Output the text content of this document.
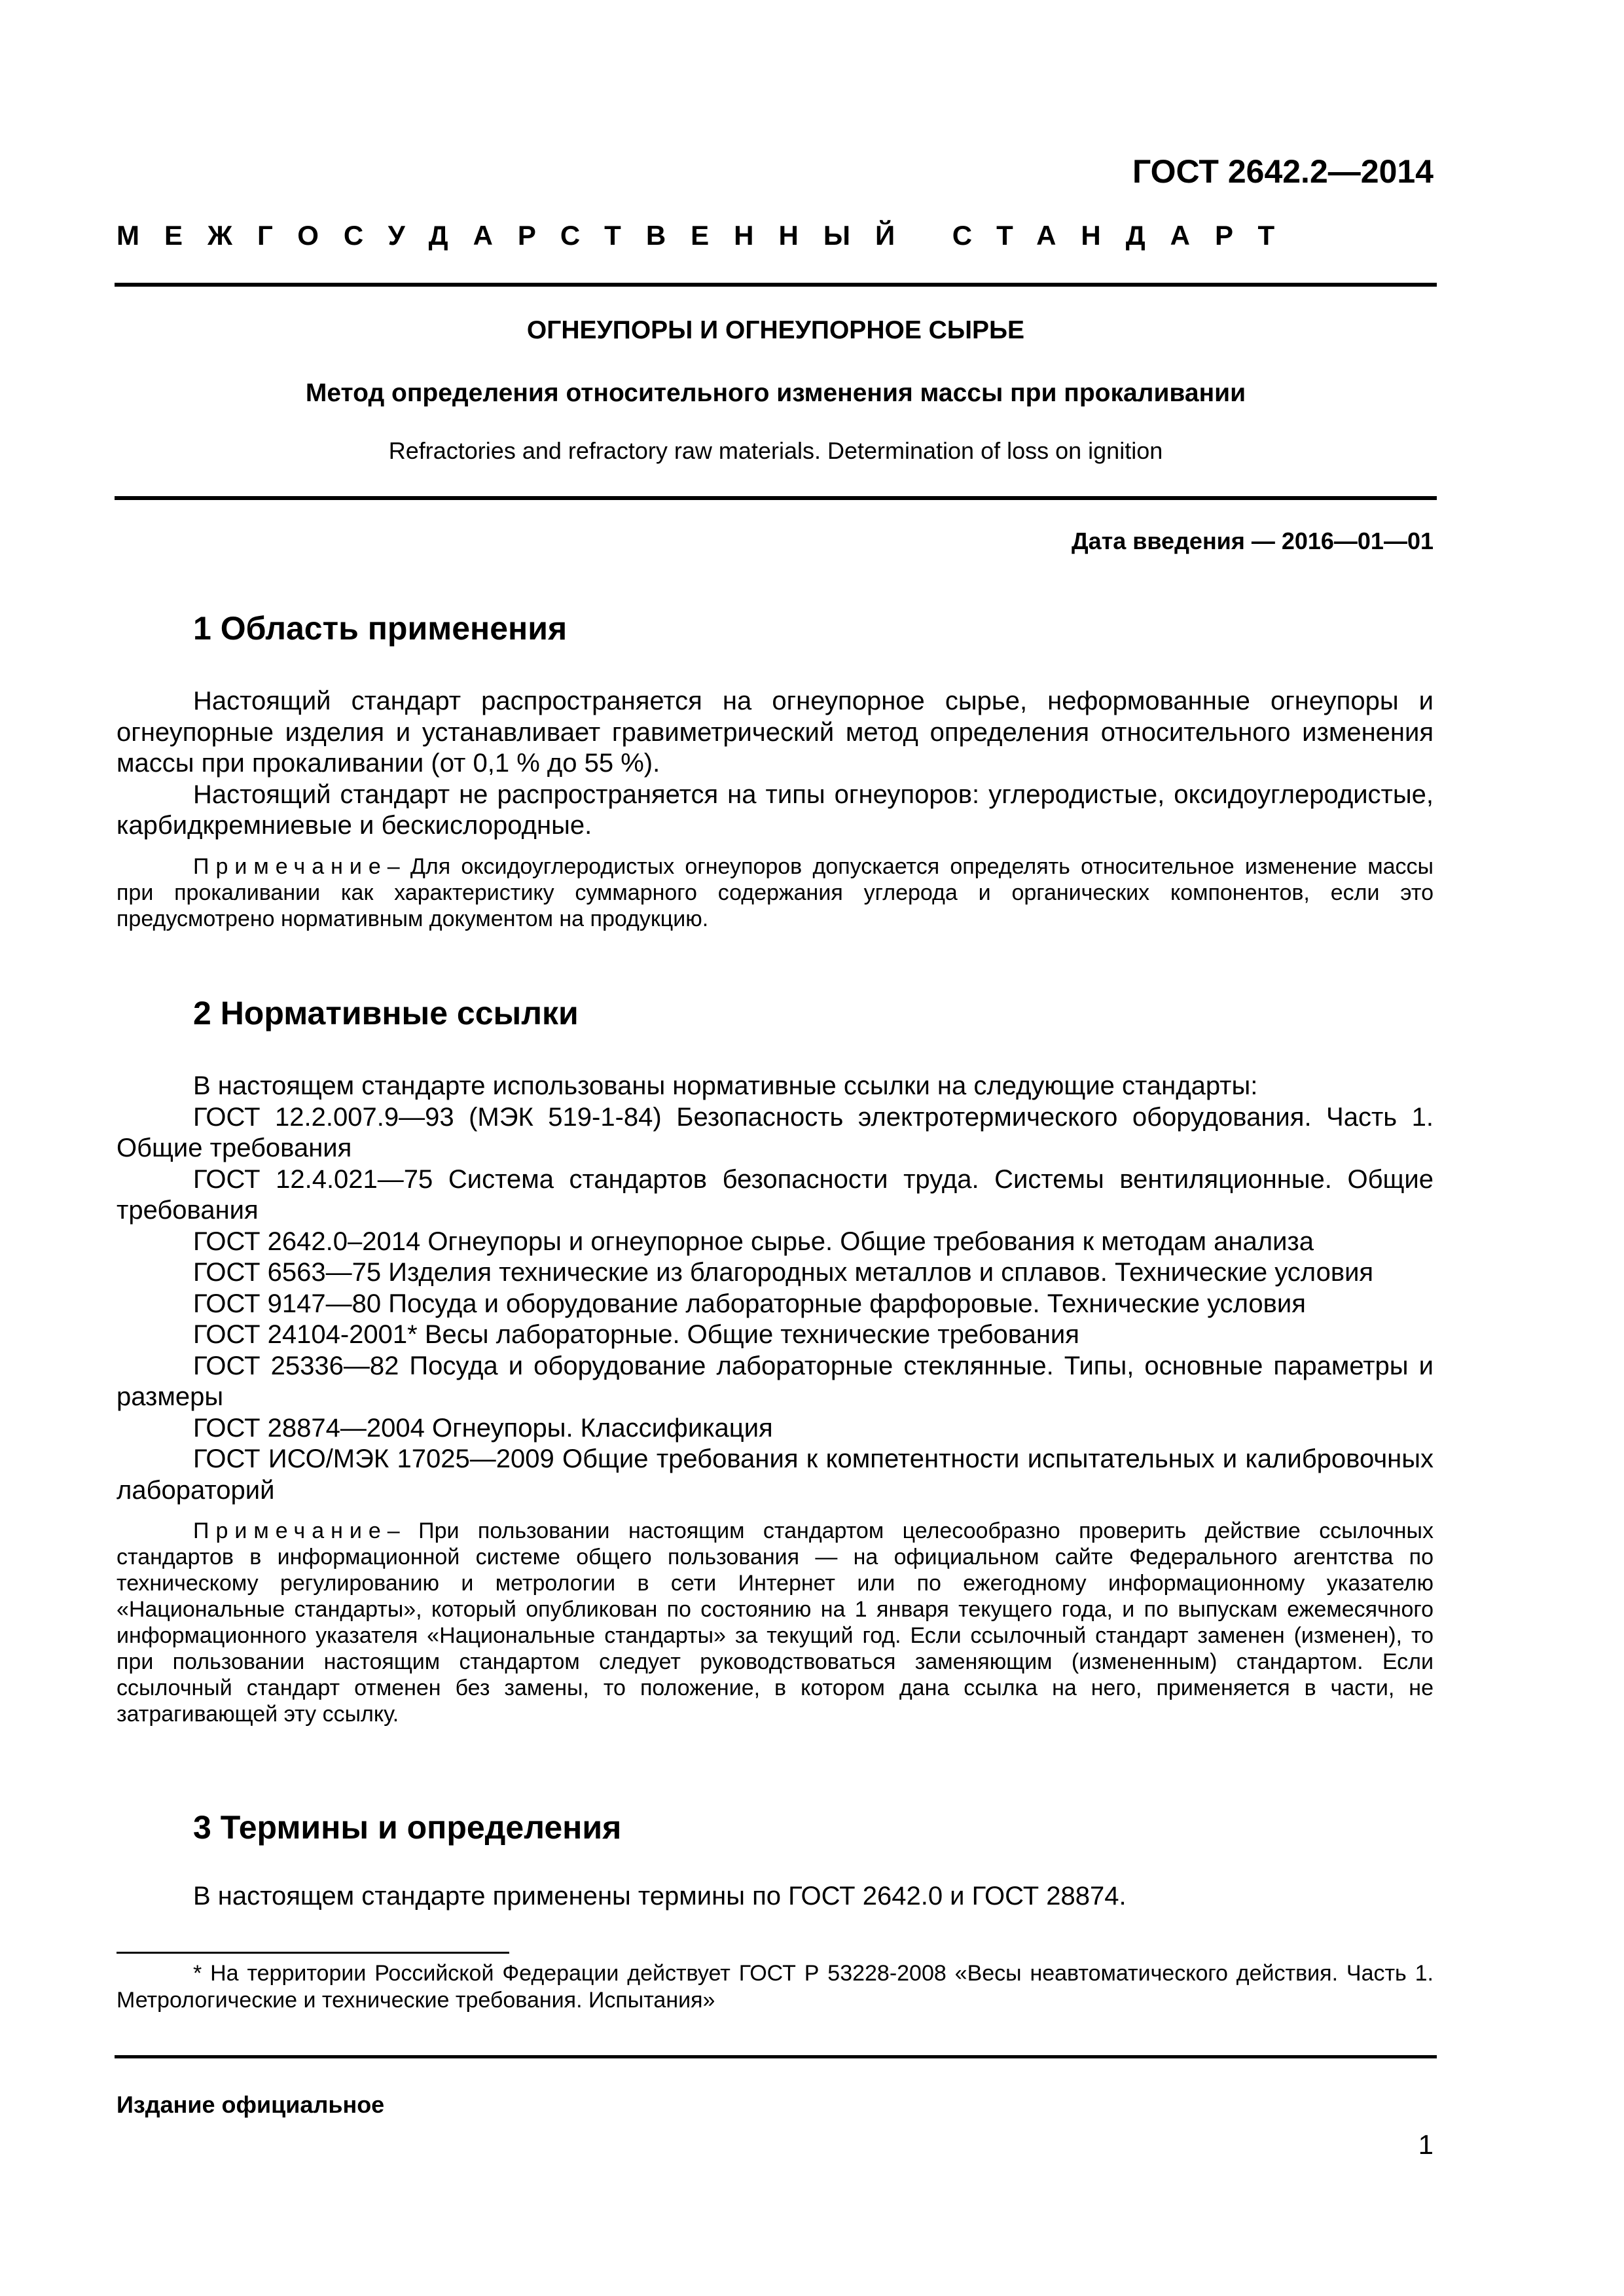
ГОСТ 2642.2—2014
МЕЖГОСУДАРСТВЕННЫЙ СТАНДАРТ
ОГНЕУПОРЫ И ОГНЕУПОРНОЕ СЫРЬЕ
Метод определения относительного изменения массы при прокаливании
Refractories and refractory raw materials. Determination of loss on ignition
Дата введения — 2016—01—01
1 Область применения

Настоящий стандарт распространяется на огнеупорное сырье, неформованные огнеупоры и огнеупорные изделия и устанавливает гравиметрический метод определения относительного изменения массы при прокаливании (от 0,1 % до 55 %).

Настоящий стандарт не распространяется на типы огнеупоров: углеродистые, оксидоуглеродистые, карбидкремниевые и бескислородные.

Примечание– Для оксидоуглеродистых огнеупоров допускается определять относительное изменение массы при прокаливании как характеристику суммарного содержания углерода и органических компонентов, если это предусмотрено нормативным документом на продукцию.

2 Нормативные ссылки

В настоящем стандарте использованы нормативные ссылки на следующие стандарты:

ГОСТ 12.2.007.9—93 (МЭК 519-1-84) Безопасность электротермического оборудования. Часть 1. Общие требования

ГОСТ 12.4.021—75 Система стандартов безопасности труда. Системы вентиляционные. Общие требования

ГОСТ 2642.0–2014 Огнеупоры и огнеупорное сырье. Общие требования к методам анализа

ГОСТ 6563—75 Изделия технические из благородных металлов и сплавов. Технические условия

ГОСТ 9147—80 Посуда и оборудование лабораторные фарфоровые. Технические условия

ГОСТ 24104-2001* Весы лабораторные. Общие технические требования

ГОСТ 25336—82 Посуда и оборудование лабораторные стеклянные. Типы, основные параметры и размеры

ГОСТ 28874—2004 Огнеупоры. Классификация

ГОСТ ИСО/МЭК 17025—2009 Общие требования к компетентности испытательных и калибровочных лабораторий

Примечание– При пользовании настоящим стандартом целесообразно проверить действие ссылочных стандартов в информационной системе общего пользования — на официальном сайте Федерального агентства по техническому регулированию и метрологии в сети Интернет или по ежегодному информационному указателю «Национальные стандарты», который опубликован по состоянию на 1 января текущего года, и по выпускам ежемесячного информационного указателя «Национальные стандарты» за текущий год. Если ссылочный стандарт заменен (изменен), то при пользовании настоящим стандартом следует руководствоваться заменяющим (измененным) стандартом. Если ссылочный стандарт отменен без замены, то положение, в котором дана ссылка на него, применяется в части, не затрагивающей эту ссылку.

3 Термины и определения

В настоящем стандарте применены термины по ГОСТ 2642.0 и ГОСТ 28874.

* На территории Российской Федерации действует ГОСТ Р 53228-2008 «Весы неавтоматического действия. Часть 1. Метрологические и технические требования. Испытания»
Издание официальное
1
